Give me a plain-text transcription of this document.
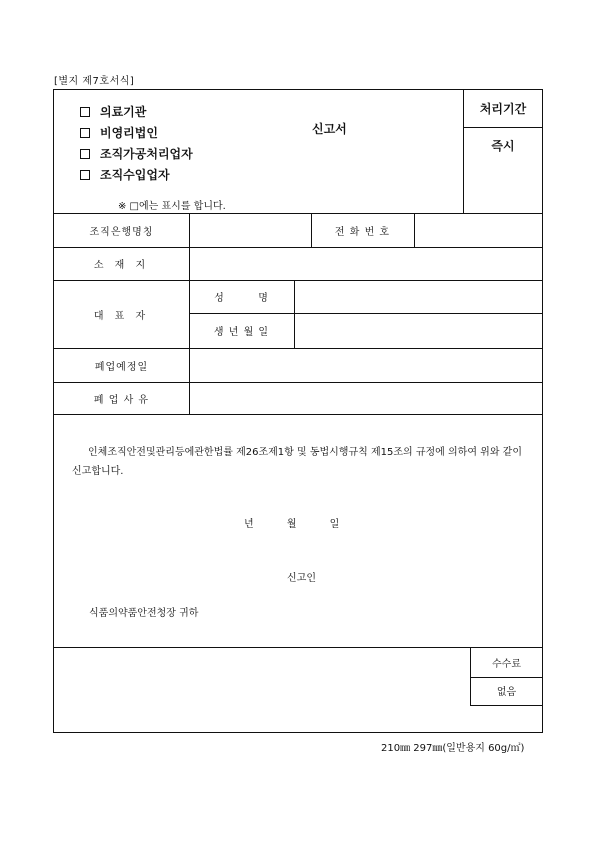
[별지 제7호서식]
조직은행명칭	전 화 번 호
소 재 지
대 표 자
성        명
생 년 월 일
폐업예정일
폐 업 사 유
의료기관
비영리법인
조직가공처리업자
조직수입업자
신고서
처리기간
즉시
※ □에는 표시를 합니다.
인체조직안전및관리등에관한법률 제26조제1항 및 동법시행규칙 제15조의 규정에 의하여 위와 같이 신고합니다.
년 월 일
신고인
식품의약품안전청장 귀하
수수료
없음
210㎜ 297㎜(일반용지 60g/㎡)
